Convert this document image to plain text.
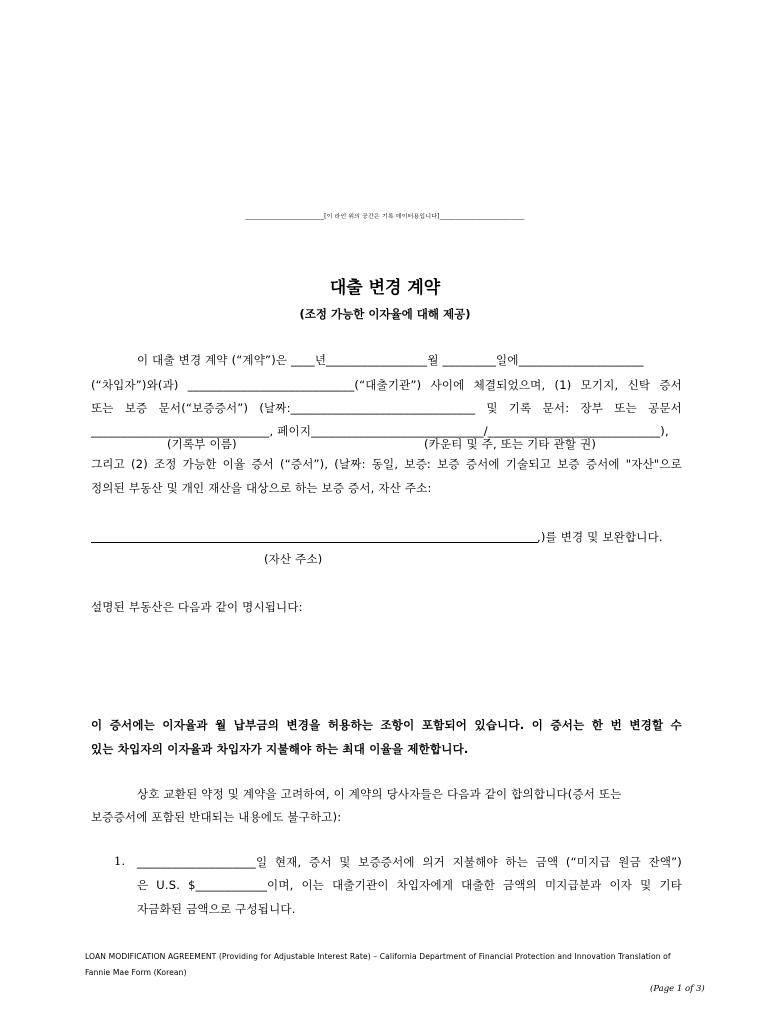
_________________________[이 라인 위의 공간은 기록 데이터용입니다]___________________________
대출 변경 계약
(조정 가능한 이자율에 대해 제공)
이 대출 변경 계약 (“계약”)은 ____년_________________월 _________일에_____________________
(“차입자”)와(과) ____________________________(“대출기관”) 사이에 체결되었으며, (1) 모기지, 신탁 증서
또는 보증 문서(“보증증서”) (날짜:_______________________________ 및 기록 문서: 장부 또는 공문서
______________________________, 페이지_____________________________/_____________________________),
(기록부 이름)	(카운티 및 주, 또는 기타 관할 권)
그리고 (2) 조정 가능한 이율 증서 (“증서”), (날짜: 동일, 보증: 보증 증서에 기술되고 보증 증서에 "자산"으로
정의된 부동산 및 개인 재산을 대상으로 하는 보증 증서, 자산 주소:
,)를 변경 및 보완합니다.
(자산 주소)
설명된 부동산은 다음과 같이 명시됩니다:
이 증서에는 이자율과 월 납부금의 변경을 허용하는 조항이 포함되어 있습니다. 이 증서는 한 번 변경할 수
있는 차입자의 이자율과 차입자가 지불해야 하는 최대 이율을 제한합니다.
상호 교환된 약정 및 계약을 고려하여, 이 계약의 당사자들은 다음과 같이 합의합니다(증서 또는
보증증서에 포함된 반대되는 내용에도 불구하고):
1. ____________________일 현재, 증서 및 보증증서에 의거 지불해야 하는 금액 (“미지급 원금 잔액”)
은 U.S. $____________이며, 이는 대출기관이 차입자에게 대출한 금액의 미지급분과 이자 및 기타
자금화된 금액으로 구성됩니다.
LOAN MODIFICATION AGREEMENT (Providing for Adjustable Interest Rate) – California Department of Financial Protection and Innovation Translation of
Fannie Mae Form (Korean)
(Page 1 of 3)
